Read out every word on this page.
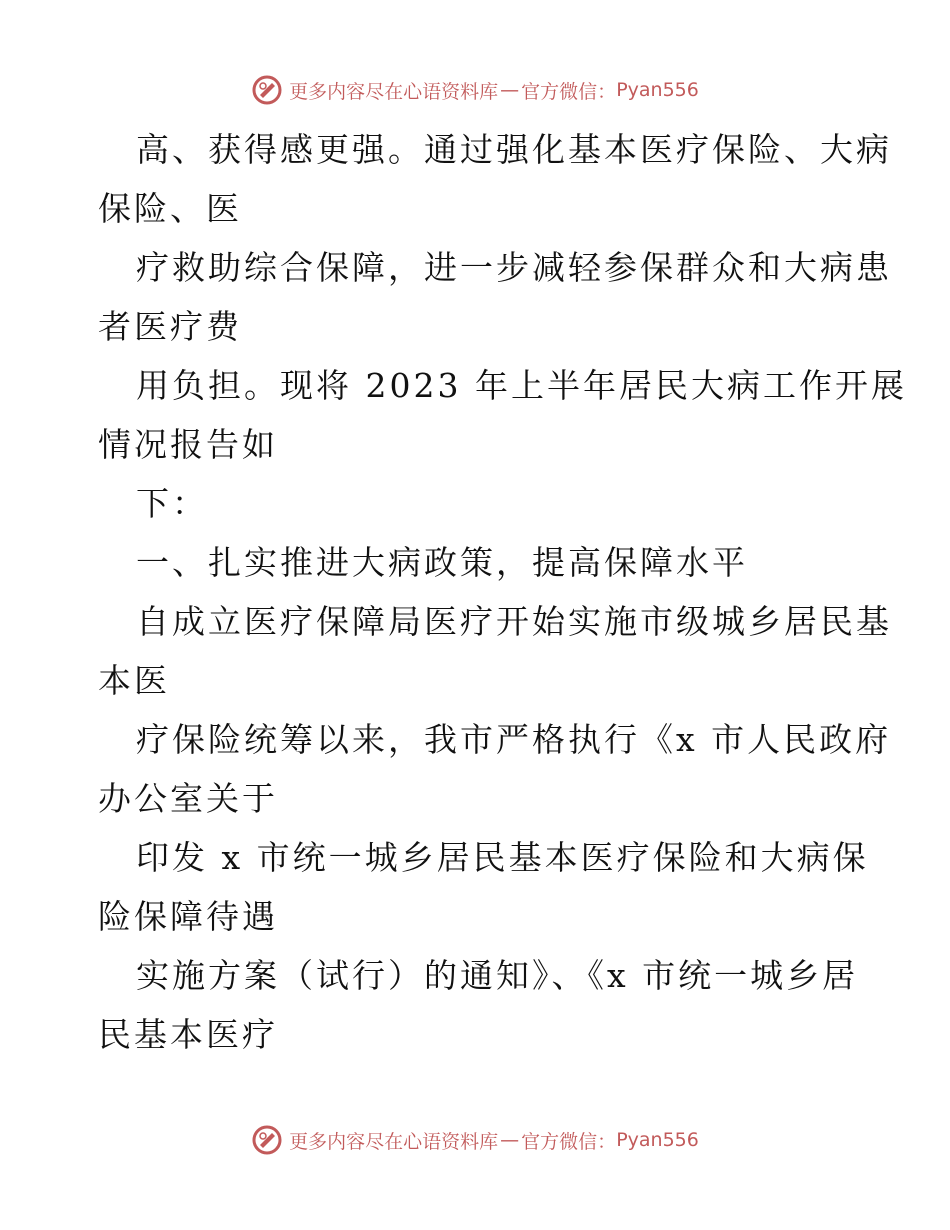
更多内容尽在心语资料库 — 官方微信： Pyan556
高、获得感更强。通过强化基本医疗保险、大病
保险、医
疗救助综合保障，进一步减轻参保群众和大病患
者医疗费
用负担。现将 2023 年上半年居民大病工作开展
情况报告如
下：
一、扎实推进大病政策，提高保障水平
自成立医疗保障局医疗开始实施市级城乡居民基
本医
疗保险统筹以来，我市严格执行《x 市人民政府
办公室关于
印发 x 市统一城乡居民基本医疗保险和大病保
险保障待遇
实施方案（试行）的通知》、《x 市统一城乡居
民基本医疗
更多内容尽在心语资料库 — 官方微信： Pyan556
